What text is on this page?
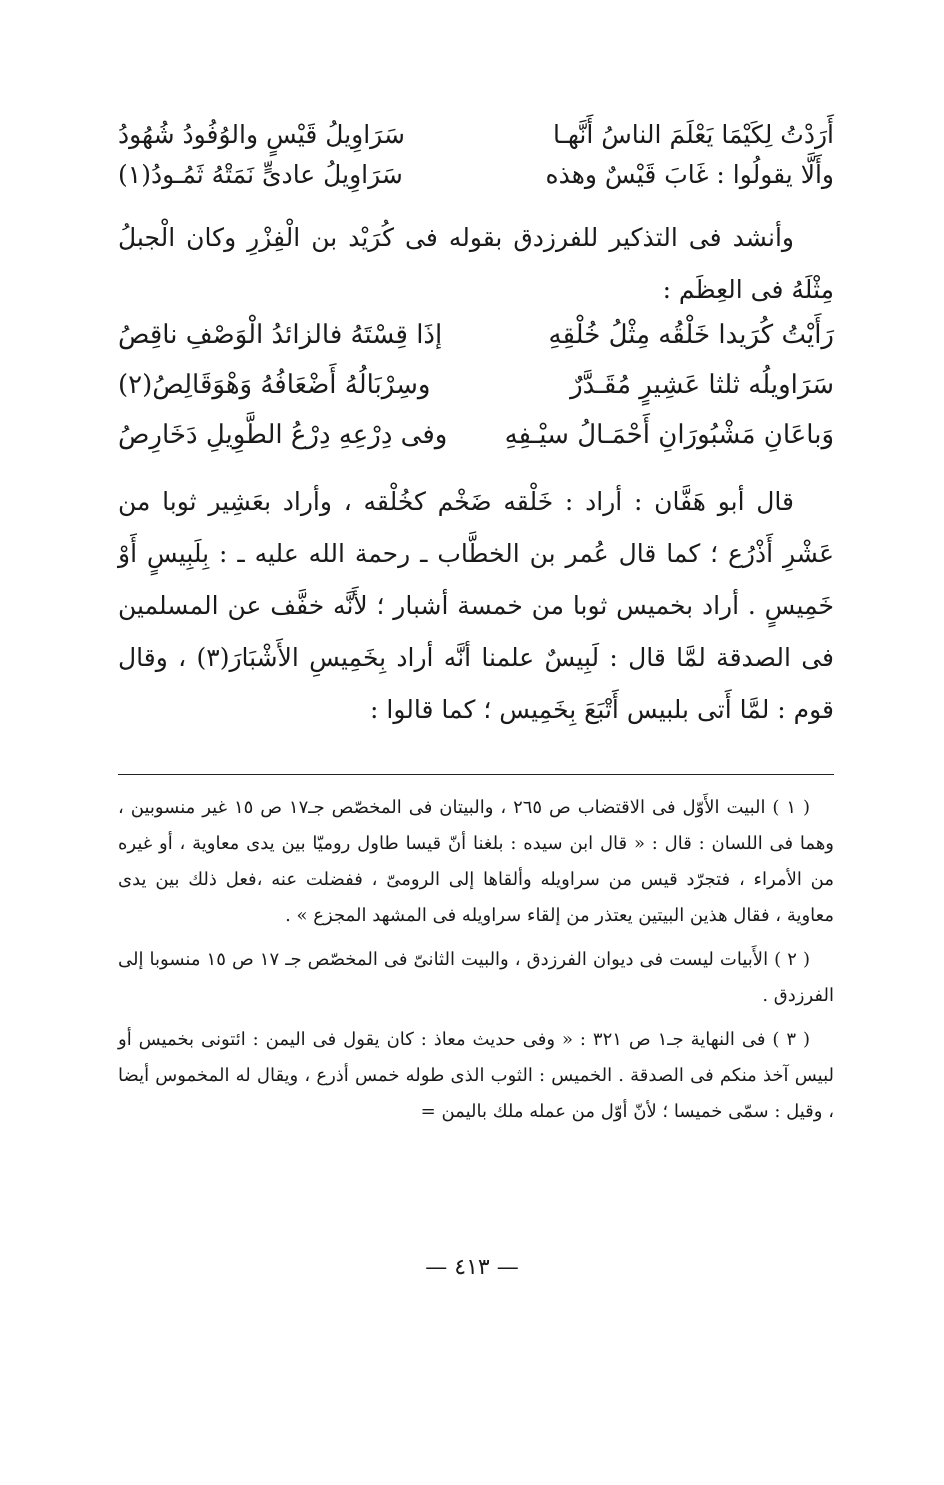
أَرَدْتُ لِكَيْمَا يَعْلَمَ الناسُ أَنَّهـا
سَرَاوِيلُ قَيْسٍ والوُفُودُ شُهُودُ
وأَلَّا يقولُوا : غَابَ قَيْسٌ وهذه
سَرَاوِيلُ عادىٍّ نَمَتْهُ ثَمُـودُ(١)

وأنشد فى التذكير للفرزدق بقوله فى كُرَيْد بن الْفِزْرِ وكان الْجبلُ مِثْلَهُ فى العِظَم :

رَأَيْتُ كُرَيدا خَلْقُه مِثْلُ خُلْقِهِ
إذَا قِسْتَهُ فالزائدُ الْوَصْفِ ناقِصُ
سَرَاويلُه ثلثا عَشِيرٍ مُقَـدَّرٌ
وسِرْبَالُهُ أَضْعَافُهُ وَهْوَقَالِصُ(٢)
وَباعَانِ مَشْبُورَانِ أَحْمَـالُ سيْـفِهِ
وفى دِرْعِهِ دِرْعُ الطَّوِيلِ دَخَارِصُ

قال أبو هَفَّان : أراد : خَلْقه ضَخْم كخُلْقه ، وأراد بعَشِير ثوبا من عَشْرِ أَذْرُع ؛ كما قال عُمر بن الخطَّاب ـ رحمة الله عليه ـ : بِلَبِيسٍ أَوْ خَمِيسٍ . أراد بخميس ثوبا من خمسة أشبار ؛ لأَنَّه خفَّف عن المسلمين فى الصدقة لمَّا قال : لَبِيسٌ علمنا أنَّه أراد بِخَمِيسِ الأَشْبَارَ(٣) ، وقال قوم : لمَّا أَتى بلبيس أَتْبَعَ بِخَمِيس ؛ كما قالوا :

( ١ ) البيت الأَوّل فى الاقتضاب ص ٢٦٥ ، والبيتان فى المخصّص جـ١٧ ص ١٥ غير منسوبين ، وهما فى اللسان : قال : « قال ابن سيده : بلغنا أنّ قيسا طاول روميّا بين يدى معاوية ، أو غيره من الأمراء ، فتجرّد قيس من سراويله وألقاها إلى الرومىّ ، ففضلت عنه ،فعل ذلك بين يدى معاوية ، فقال هذين البيتين يعتذر من إلقاء سراويله فى المشهد المجزع » .

( ٢ ) الأَبيات ليست فى ديوان الفرزدق ، والبيت الثانىّ فى المخصّص جـ ١٧ ص ١٥ منسوبا إلى الفرزدق .

( ٣ ) فى النهاية جـ١ ص ٣٢١ : « وفى حديث معاذ : كان يقول فى اليمن : ائتونى بخميس أو لبيس آخذ منكم فى الصدقة . الخميس : الثوب الذى طوله خمس أذرع ، ويقال له المخموس أيضا ، وقيل : سمّى خميسا ؛ لأنّ أوّل من عمله ملك باليمن =

— ٤١٣ —
